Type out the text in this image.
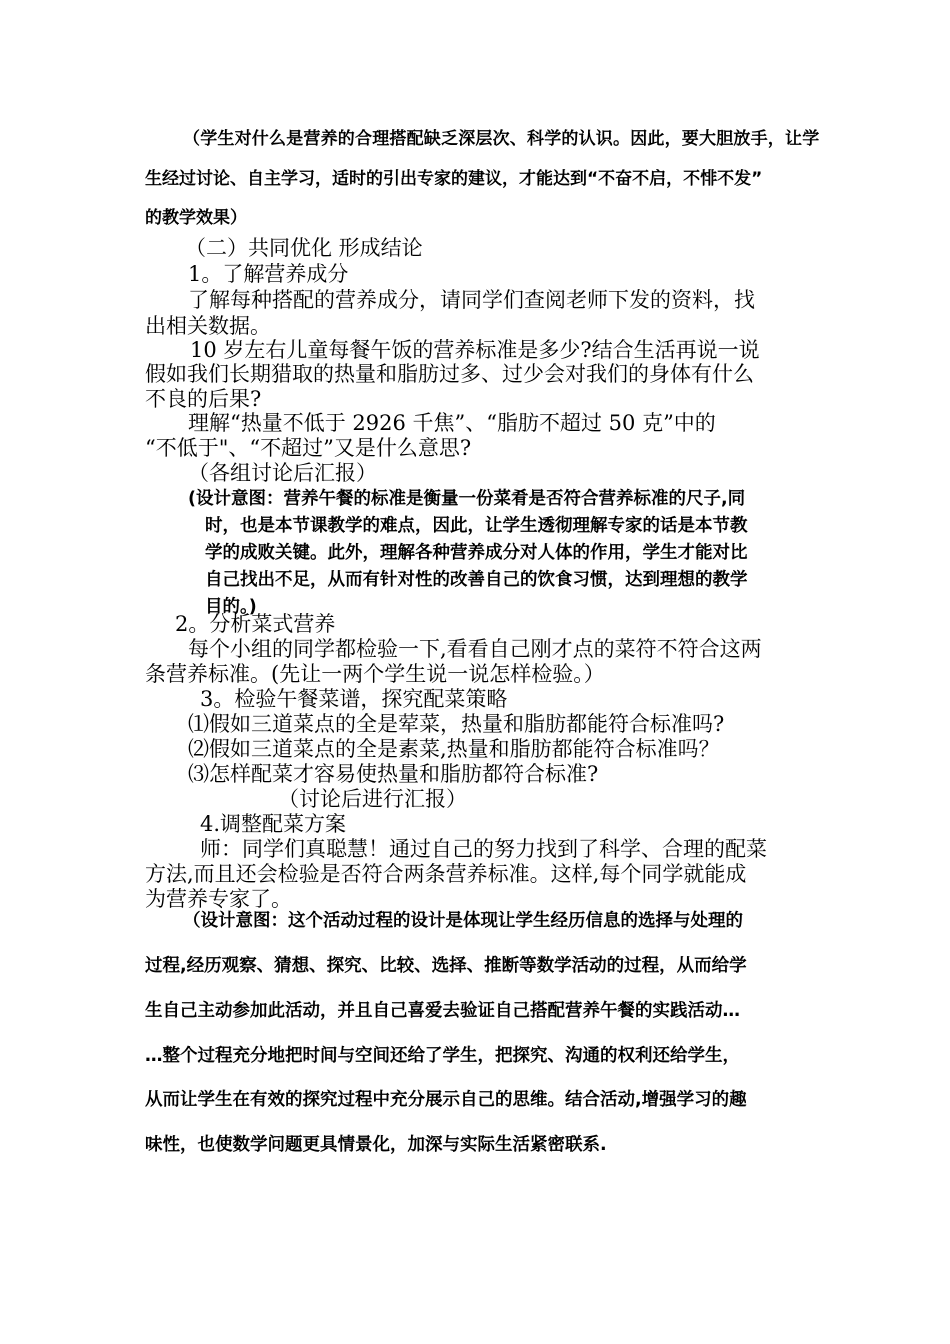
（学生对什么是营养的合理搭配缺乏深层次、科学的认识。因此，要大胆放手，让学
生经过讨论、自主学习，适时的引出专家的建议，才能达到“不奋不启，不悱不发”
的教学效果）
（二）共同优化 形成结论
1。了解营养成分
了解每种搭配的营养成分，请同学们查阅老师下发的资料，找
出相关数据。
10 岁左右儿童每餐午饭的营养标准是多少?结合生活再说一说
假如我们长期猎取的热量和脂肪过多、过少会对我们的身体有什么
不良的后果?
理解“热量不低于 2926 千焦”、“脂肪不超过 50 克”中的
“不低于"、“不超过”又是什么意思?
（各组讨论后汇报）
(设计意图：营养午餐的标准是衡量一份菜肴是否符合营养标准的尺子,同
时，也是本节课教学的难点，因此，让学生透彻理解专家的话是本节教
学的成败关键。此外，理解各种营养成分对人体的作用，学生才能对比
自己找出不足，从而有针对性的改善自己的饮食习惯，达到理想的教学
目的。)
2。分析菜式营养
每个小组的同学都检验一下,看看自己刚才点的菜符不符合这两
条营养标准。(先让一两个学生说一说怎样检验。）
3。检验午餐菜谱，探究配菜策略
⑴假如三道菜点的全是荤菜，热量和脂肪都能符合标准吗?
⑵假如三道菜点的全是素菜,热量和脂肪都能符合标准吗？
⑶怎样配菜才容易使热量和脂肪都符合标准?
（讨论后进行汇报）
4.调整配菜方案
师：同学们真聪慧！通过自己的努力找到了科学、合理的配菜
方法,而且还会检验是否符合两条营养标准。这样,每个同学就能成
为营养专家了。
（设计意图：这个活动过程的设计是体现让学生经历信息的选择与处理的
过程,经历观察、猜想、探究、比较、选择、推断等数学活动的过程，从而给学
生自己主动参加此活动，并且自己喜爱去验证自己搭配营养午餐的实践活动…
…整个过程充分地把时间与空间还给了学生，把探究、沟通的权利还给学生，
从而让学生在有效的探究过程中充分展示自己的思维。结合活动,增强学习的趣
味性，也使数学问题更具情景化，加深与实际生活紧密联系.
